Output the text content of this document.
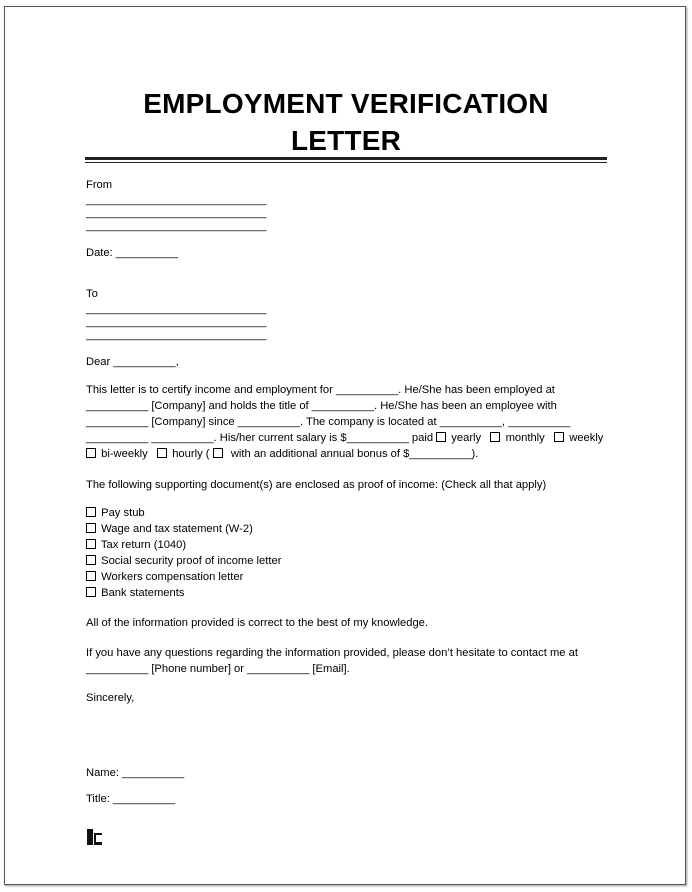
EMPLOYMENT VERIFICATION
LETTER
From
_____________________________
_____________________________
_____________________________
Date: __________
To
_____________________________
_____________________________
_____________________________
Dear __________,
This letter is to certify income and employment for __________. He/She has been employed at
__________ [Company] and holds the title of __________. He/She has been an employee with
__________ [Company] since __________. The company is located at __________, __________
__________ __________. His/her current salary is $__________ paid  yearly monthly weekly
bi-weekly hourly ( with an additional annual bonus of $__________).
The following supporting document(s) are enclosed as proof of income: (Check all that apply)
Pay stub
Wage and tax statement (W-2)
Tax return (1040)
Social security proof of income letter
Workers compensation letter
Bank statements
All of the information provided is correct to the best of my knowledge.
If you have any questions regarding the information provided, please don’t hesitate to contact me at
__________ [Phone number] or __________ [Email].
Sincerely,
Name: __________
Title: __________
